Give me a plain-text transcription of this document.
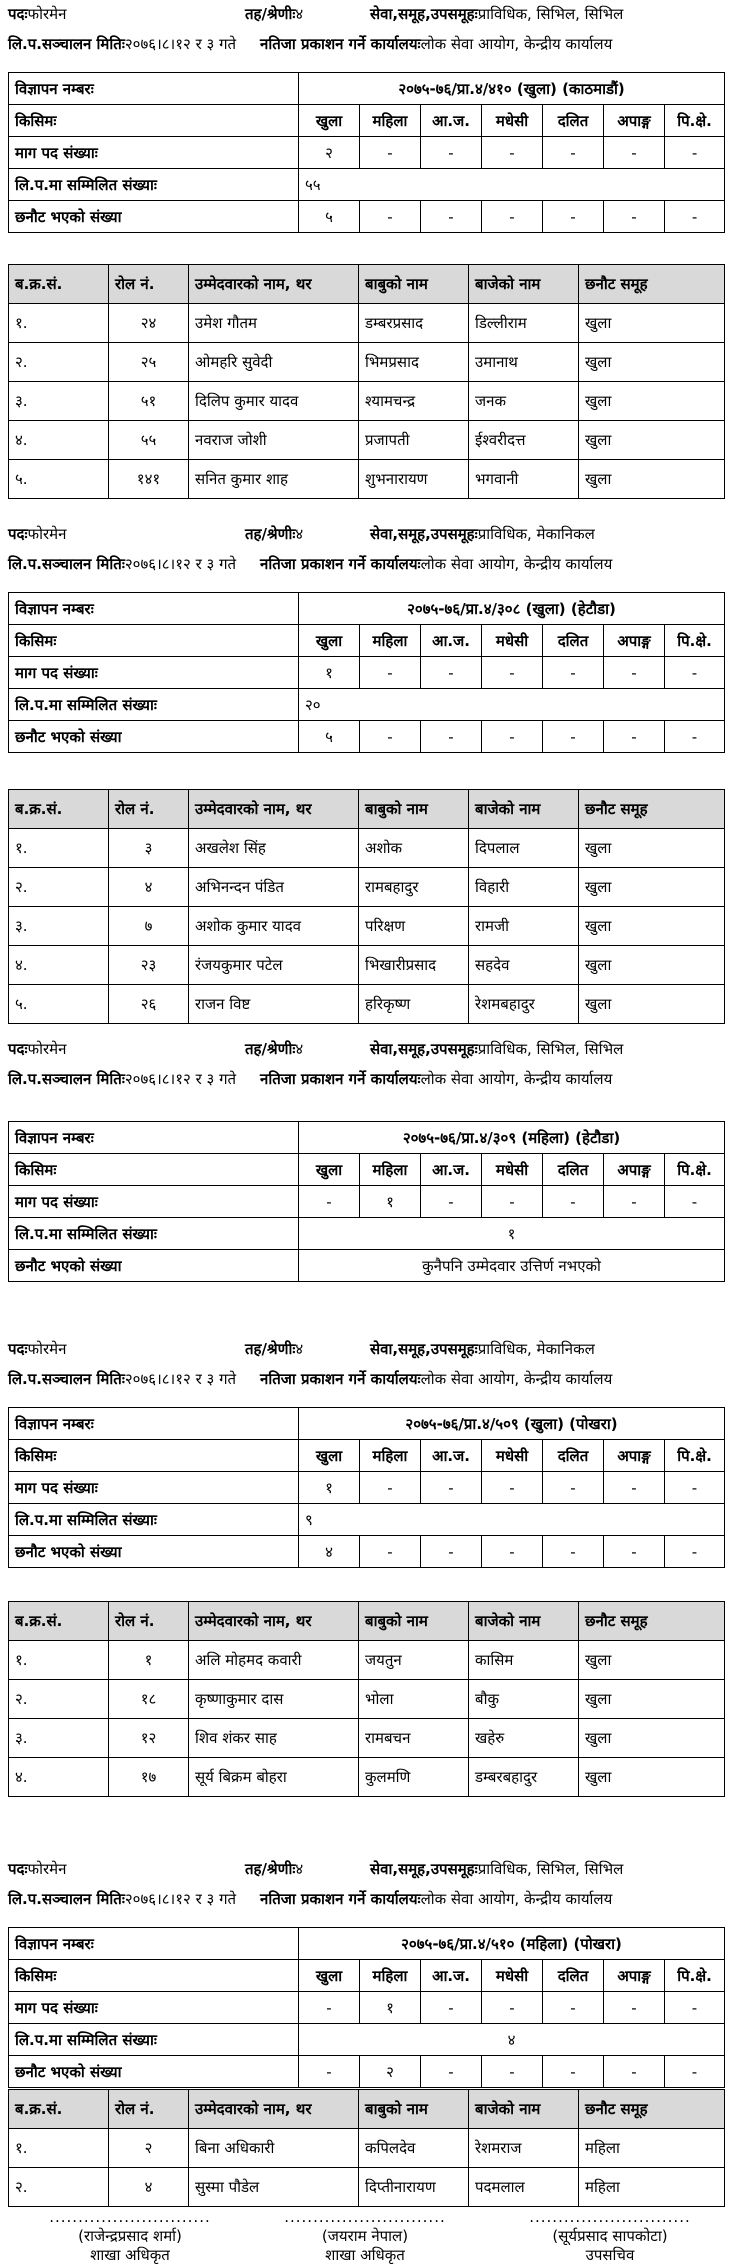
पदः फोरमेन	तह/श्रेणीः ४	सेवा,समूह,उपसमूहः प्राविधिक, सिभिल, सिभिल
लि.प.सञ्चालन मितिः २०७६।८।१२ र ३ गते नतिजा प्रकाशन गर्ने कार्यालयः लोक सेवा आयोग, केन्द्रीय कार्यालय
विज्ञापन नम्बरः	२०७५-७६/प्रा.४/४१० (खुला) (काठमाडौं)						
किसिमः	खुला	महिला	आ.ज.	मधेसी	दलित	अपाङ्ग	पि.क्षे.
माग पद संख्याः	२	-	-	-	-	-	-
लि.प.मा सम्मिलित संख्याः	५५						
छनौट भएको संख्या	५	-	-	-	-	-	-
ब.क्र.सं.	रोल नं.	उम्मेदवारको नाम, थर	बाबुको नाम	बाजेको नाम	छनौट समूह
१.	२४	उमेश गौतम	डम्बरप्रसाद	डिल्लीराम	खुला
२.	२५	ओमहरि सुवेदी	भिमप्रसाद	उमानाथ	खुला
३.	५१	दिलिप कुमार यादव	श्यामचन्द्र	जनक	खुला
४.	५५	नवराज जोशी	प्रजापती	ईश्वरीदत्त	खुला
५.	१४१	सनित कुमार शाह	शुभनारायण	भगवानी	खुला
पदः फोरमेन	तह/श्रेणीः ४	सेवा,समूह,उपसमूहः प्राविधिक, मेकानिकल
लि.प.सञ्चालन मितिः २०७६।८।१२ र ३ गते नतिजा प्रकाशन गर्ने कार्यालयः लोक सेवा आयोग, केन्द्रीय कार्यालय
विज्ञापन नम्बरः	२०७५-७६/प्रा.४/३०८ (खुला) (हेटौडा)						
किसिमः	खुला	महिला	आ.ज.	मधेसी	दलित	अपाङ्ग	पि.क्षे.
माग पद संख्याः	१	-	-	-	-	-	-
लि.प.मा सम्मिलित संख्याः	२०						
छनौट भएको संख्या	५	-	-	-	-	-	-
ब.क्र.सं.	रोल नं.	उम्मेदवारको नाम, थर	बाबुको नाम	बाजेको नाम	छनौट समूह
१.	३	अखलेश सिंह	अशोक	दिपलाल	खुला
२.	४	अभिनन्दन पंडित	रामबहादुर	विहारी	खुला
३.	७	अशोक कुमार यादव	परिक्षण	रामजी	खुला
४.	२३	रंजयकुमार पटेल	भिखारीप्रसाद	सहदेव	खुला
५.	२६	राजन विष्ट	हरिकृष्ण	रेशमबहादुर	खुला
पदः फोरमेन	तह/श्रेणीः ४	सेवा,समूह,उपसमूहः प्राविधिक, सिभिल, सिभिल
लि.प.सञ्चालन मितिः २०७६।८।१२ र ३ गते नतिजा प्रकाशन गर्ने कार्यालयः लोक सेवा आयोग, केन्द्रीय कार्यालय
विज्ञापन नम्बरः	२०७५-७६/प्रा.४/३०९ (महिला) (हेटौडा)						
किसिमः	खुला	महिला	आ.ज.	मधेसी	दलित	अपाङ्ग	पि.क्षे.
माग पद संख्याः	-	१	-	-	-	-	-
लि.प.मा सम्मिलित संख्याः	१						
छनौट भएको संख्या	कुनैपनि उम्मेदवार उत्तिर्ण नभएको						
पदः फोरमेन	तह/श्रेणीः ४	सेवा,समूह,उपसमूहः प्राविधिक, मेकानिकल
लि.प.सञ्चालन मितिः २०७६।८।१२ र ३ गते नतिजा प्रकाशन गर्ने कार्यालयः लोक सेवा आयोग, केन्द्रीय कार्यालय
विज्ञापन नम्बरः	२०७५-७६/प्रा.४/५०९ (खुला) (पोखरा)						
किसिमः	खुला	महिला	आ.ज.	मधेसी	दलित	अपाङ्ग	पि.क्षे.
माग पद संख्याः	१	-	-	-	-	-	-
लि.प.मा सम्मिलित संख्याः	९						
छनौट भएको संख्या	४	-	-	-	-	-	-
ब.क्र.सं.	रोल नं.	उम्मेदवारको नाम, थर	बाबुको नाम	बाजेको नाम	छनौट समूह
१.	१	अलि मोहमद कवारी	जयतुन	कासिम	खुला
२.	१८	कृष्णाकुमार दास	भोला	बौकु	खुला
३.	१२	शिव शंकर साह	रामबचन	खहेरु	खुला
४.	१७	सूर्य बिक्रम बोहरा	कुलमणि	डम्बरबहादुर	खुला
पदः फोरमेन	तह/श्रेणीः ४	सेवा,समूह,उपसमूहः प्राविधिक, सिभिल, सिभिल
लि.प.सञ्चालन मितिः २०७६।८।१२ र ३ गते नतिजा प्रकाशन गर्ने कार्यालयः लोक सेवा आयोग, केन्द्रीय कार्यालय
विज्ञापन नम्बरः	२०७५-७६/प्रा.४/५१० (महिला) (पोखरा)						
किसिमः	खुला	महिला	आ.ज.	मधेसी	दलित	अपाङ्ग	पि.क्षे.
माग पद संख्याः	-	१	-	-	-	-	-
लि.प.मा सम्मिलित संख्याः	४						
छनौट भएको संख्या	-	२	-	-	-	-	-
ब.क्र.सं.	रोल नं.	उम्मेदवारको नाम, थर	बाबुको नाम	बाजेको नाम	छनौट समूह
१.	२	बिना अधिकारी	कपिलदेव	रेशमराज	महिला
२.	४	सुस्मा पौडेल	दिप्तीनारायण	पदमलाल	महिला
............................
(राजेन्द्रप्रसाद शर्मा)
शाखा अधिकृत
............................
(जयराम नेपाल)
शाखा अधिकृत
............................
(सूर्यप्रसाद सापकोटा)
उपसचिव
